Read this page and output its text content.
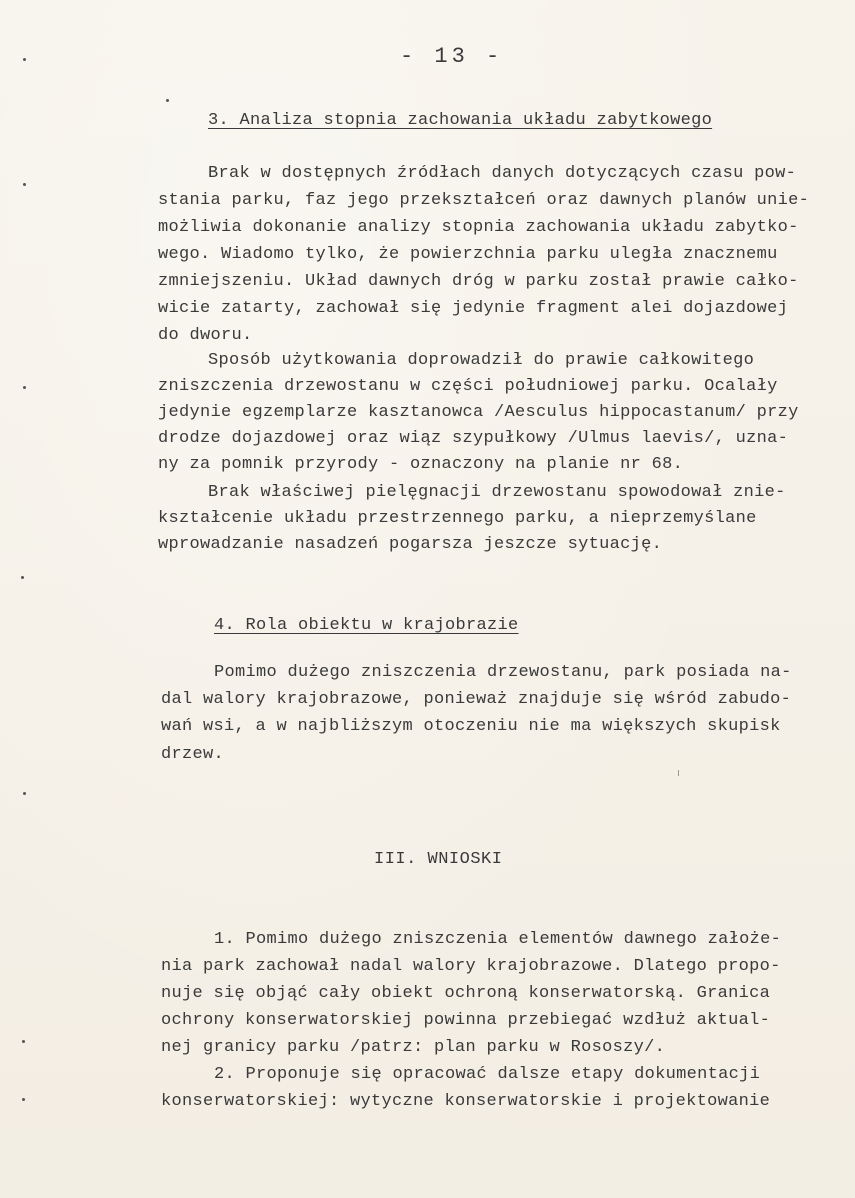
- 13 -
3. Analiza stopnia zachowania układu zabytkowego
Brak w dostępnych źródłach danych dotyczących czasu pow-
stania parku, faz jego przekształceń oraz dawnych planów unie-
możliwia dokonanie analizy stopnia zachowania układu zabytko-
wego. Wiadomo tylko, że powierzchnia parku uległa znacznemu
zmniejszeniu. Układ dawnych dróg w parku został prawie całko-
wicie zatarty, zachował się jedynie fragment alei dojazdowej
do dworu.
Sposób użytkowania doprowadził do prawie całkowitego
zniszczenia drzewostanu w części południowej parku. Ocalały
jedynie egzemplarze kasztanowca /Aesculus hippocastanum/ przy
drodze dojazdowej oraz wiąz szypułkowy /Ulmus laevis/, uzna-
ny za pomnik przyrody - oznaczony na planie nr 68.
Brak właściwej pielęgnacji drzewostanu spowodował znie-
kształcenie układu przestrzennego parku, a nieprzemyślane
wprowadzanie nasadzeń pogarsza jeszcze sytuację.
4. Rola obiektu w krajobrazie
Pomimo dużego zniszczenia drzewostanu, park posiada na-
dal walory krajobrazowe, ponieważ znajduje się wśród zabudo-
wań wsi, a w najbliższym otoczeniu nie ma większych skupisk
drzew.
III. WNIOSKI
1. Pomimo dużego zniszczenia elementów dawnego założe-
nia park zachował nadal walory krajobrazowe. Dlatego propo-
nuje się objąć cały obiekt ochroną konserwatorską. Granica
ochrony konserwatorskiej powinna przebiegać wzdłuż aktual-
nej granicy parku /patrz: plan parku w Rososzy/.
2. Proponuje się opracować dalsze etapy dokumentacji
konserwatorskiej: wytyczne konserwatorskie i projektowanie
